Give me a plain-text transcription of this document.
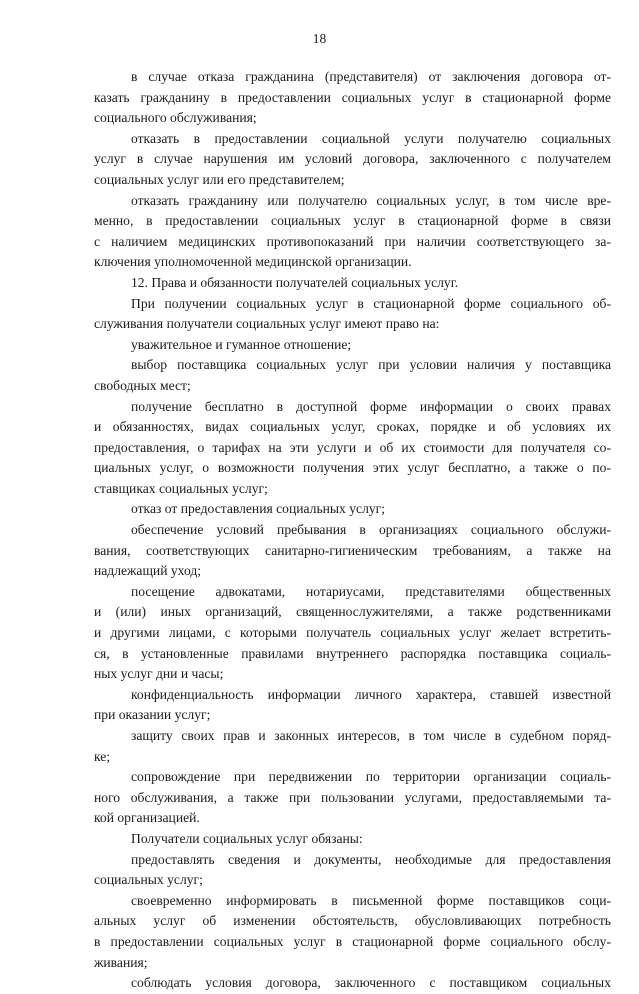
18
в случае отказа гражданина (представителя) от заключения договора от-
казать гражданину в предоставлении социальных услуг в стационарной форме
социального обслуживания;
отказать в предоставлении социальной услуги получателю социальных
услуг в случае нарушения им условий договора, заключенного с получателем
социальных услуг или его представителем;
отказать гражданину или получателю социальных услуг, в том числе вре-
менно, в предоставлении социальных услуг в стационарной форме в связи
с наличием медицинских противопоказаний при наличии соответствующего за-
ключения уполномоченной медицинской организации.
12. Права и обязанности получателей социальных услуг.
При получении социальных услуг в стационарной форме социального об-
служивания получатели социальных услуг имеют право на:
уважительное и гуманное отношение;
выбор поставщика социальных услуг при условии наличия у поставщика
свободных мест;
получение бесплатно в доступной форме информации о своих правах
и обязанностях, видах социальных услуг, сроках, порядке и об условиях их
предоставления, о тарифах на эти услуги и об их стоимости для получателя со-
циальных услуг, о возможности получения этих услуг бесплатно, а также о по-
ставщиках социальных услуг;
отказ от предоставления социальных услуг;
обеспечение условий пребывания в организациях социального обслужи-
вания, соответствующих санитарно-гигиеническим требованиям, а также на
надлежащий уход;
посещение адвокатами, нотариусами, представителями общественных
и (или) иных организаций, священнослужителями, а также родственниками
и другими лицами, с которыми получатель социальных услуг желает встретить-
ся, в установленные правилами внутреннего распорядка поставщика социаль-
ных услуг дни и часы;
конфиденциальность информации личного характера, ставшей известной
при оказании услуг;
защиту своих прав и законных интересов, в том числе в судебном поряд-
ке;
сопровождение при передвижении по территории организации социаль-
ного обслуживания, а также при пользовании услугами, предоставляемыми та-
кой организацией.
Получатели социальных услуг обязаны:
предоставлять сведения и документы, необходимые для предоставления
социальных услуг;
своевременно информировать в письменной форме поставщиков соци-
альных услуг об изменении обстоятельств, обусловливающих потребность
в предоставлении социальных услуг в стационарной форме социального обслу-
живания;
соблюдать условия договора, заключенного с поставщиком социальных
